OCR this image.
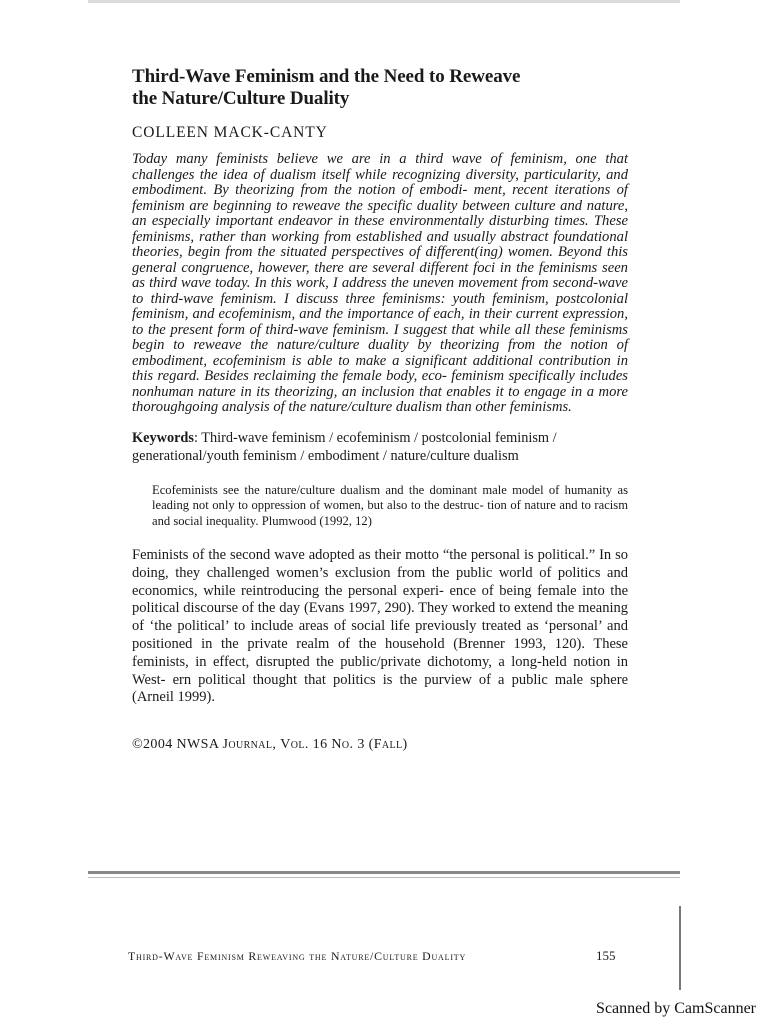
Third-Wave Feminism and the Need to Reweave
the Nature/Culture Duality
COLLEEN MACK-CANTY
Today many feminists believe we are in a third wave of feminism, one that challenges the idea of dualism itself while recognizing diversity, particularity, and embodiment. By theorizing from the notion of embodi- ment, recent iterations of feminism are beginning to reweave the specific duality between culture and nature, an especially important endeavor in these environmentally disturbing times. These feminisms, rather than working from established and usually abstract foundational theories, begin from the situated perspectives of different(ing) women. Beyond this general congruence, however, there are several different foci in the feminisms seen as third wave today. In this work, I address the uneven movement from second-wave to third-wave feminism. I discuss three feminisms: youth feminism, postcolonial feminism, and ecofeminism, and the importance of each, in their current expression, to the present form of third-wave feminism. I suggest that while all these feminisms begin to reweave the nature/culture duality by theorizing from the notion of embodiment, ecofeminism is able to make a significant additional contribution in this regard. Besides reclaiming the female body, eco- feminism specifically includes nonhuman nature in its theorizing, an inclusion that enables it to engage in a more thoroughgoing analysis of the nature/culture dualism than other feminisms.
Keywords: Third-wave feminism / ecofeminism / postcolonial feminism /
generational/youth feminism / embodiment / nature/culture dualism
Ecofeminists see the nature/culture dualism and the dominant male model of humanity as leading not only to oppression of women, but also to the destruc- tion of nature and to racism and social inequality. Plumwood (1992, 12)
Feminists of the second wave adopted as their motto “the personal is political.” In so doing, they challenged women’s exclusion from the public world of politics and economics, while reintroducing the personal experi- ence of being female into the political discourse of the day (Evans 1997, 290). They worked to extend the meaning of ‘the political’ to include areas of social life previously treated as ‘personal’ and positioned in the private realm of the household (Brenner 1993, 120). These feminists, in effect, disrupted the public/private dichotomy, a long-held notion in West- ern political thought that politics is the purview of a public male sphere (Arneil 1999).
©2004 NWSA Journal, Vol. 16 No. 3 (Fall)
Third-Wave Feminism Reweaving the Nature/Culture Duality	155
Scanned by CamScanner
